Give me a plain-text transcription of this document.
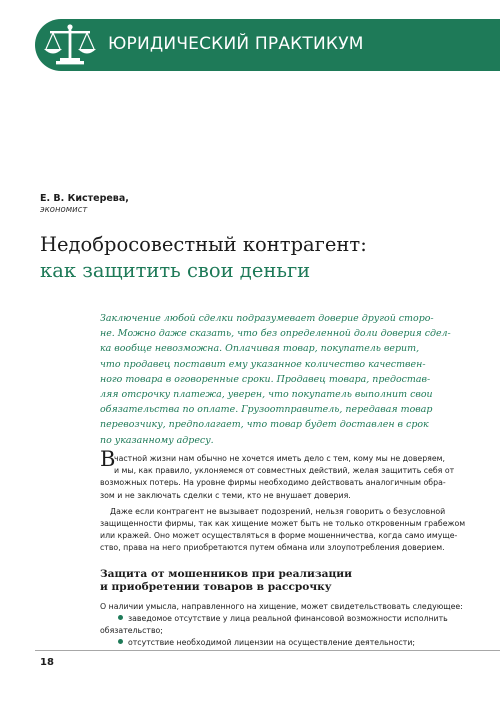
ЮРИДИЧЕСКИЙ ПРАКТИКУМ
Е. В. Кистерева,
экономист
Недобросовестный контрагент:
как защитить свои деньги
Заключение любой сделки подразумевает доверие другой сторо-
не. Можно даже сказать, что без определенной доли доверия сдел-
ка вообще невозможна. Оплачивая товар, покупатель верит,
что продавец поставит ему указанное количество качествен-
ного товара в оговоренные сроки. Продавец товара, предостав-
ляя отсрочку платежа, уверен, что покупатель выполнит свои
обязательства по оплате. Грузоотправитель, передавая товар
перевозчику, предполагает, что товар будет доставлен в срок
по указанному адресу.
В
частной жизни нам обычно не хочется иметь дело с тем, кому мы не доверяем,
и мы, как правило, уклоняемся от совместных действий, желая защитить себя от
возможных потерь. На уровне фирмы необходимо действовать аналогичным обра-
зом и не заключать сделки с теми, кто не внушает доверия.
Даже если контрагент не вызывает подозрений, нельзя говорить о безусловной
защищенности фирмы, так как хищение может быть не только откровенным грабежом
или кражей. Оно может осуществляться в форме мошенничества, когда само имуще-
ство, права на него приобретаются путем обмана или злоупотребления доверием.
Защита от мошенников при реализации
и приобретении товаров в рассрочку
О наличии умысла, направленного на хищение, может свидетельствовать следующее:
заведомое отсутствие у лица реальной финансовой возможности исполнить
обязательство;
отсутствие необходимой лицензии на осуществление деятельности;
18
